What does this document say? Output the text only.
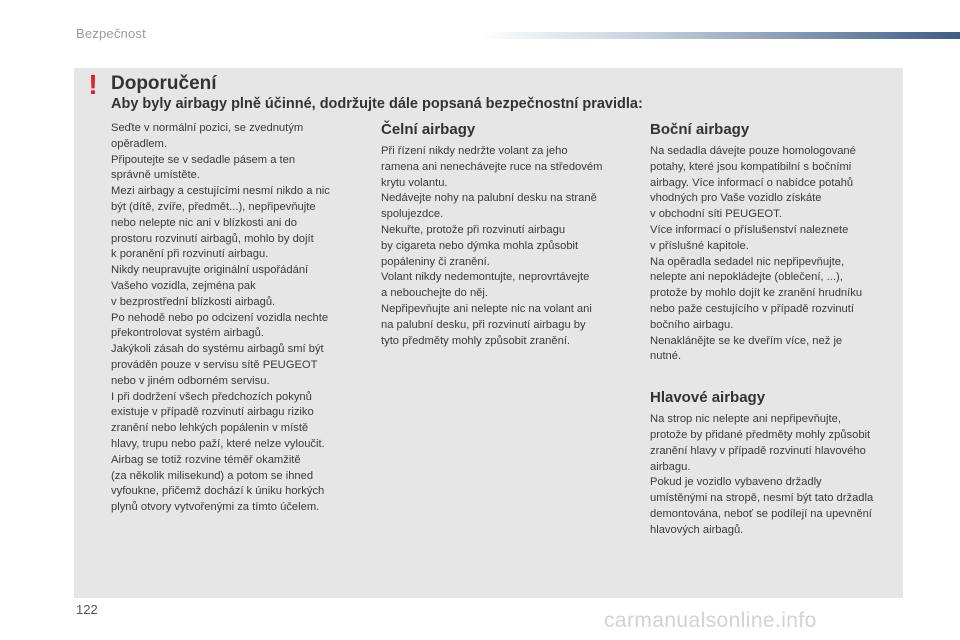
Bezpečnost
! Doporučení
Aby byly airbagy plně účinné, dodržujte dále popsaná bezpečnostní pravidla:

Seďte v normální pozici, se zvednutým
opěradlem.
Připoutejte se v sedadle pásem a ten
správně umístěte.
Mezi airbagy a cestujícími nesmí nikdo a nic
být (dítě, zvíře, předmět...), nepřipevňujte
nebo nelepte nic ani v blízkosti ani do
prostoru rozvinutí airbagů, mohlo by dojít
k poranění při rozvinutí airbagu.
Nikdy neupravujte originální uspořádání
Vašeho vozidla, zejména pak
v bezprostřední blízkosti airbagů.
Po nehodě nebo po odcizení vozidla nechte
překontrolovat systém airbagů.
Jakýkoli zásah do systému airbagů smí být
prováděn pouze v servisu sítě PEUGEOT
nebo v jiném odborném servisu.
I při dodržení všech předchozích pokynů
existuje v případě rozvinutí airbagu riziko
zranění nebo lehkých popálenin v místě
hlavy, trupu nebo paží, které nelze vyloučit.
Airbag se totiž rozvine téměř okamžitě
(za několik milisekund) a potom se ihned
vyfoukne, přičemž dochází k úniku horkých
plynů otvory vytvořenými za tímto účelem.

Čelní airbagy

Při řízení nikdy nedržte volant za jeho
ramena ani nenechávejte ruce na středovém
krytu volantu.
Nedávejte nohy na palubní desku na straně
spolujezdce.
Nekuřte, protože při rozvinutí airbagu
by cigareta nebo dýmka mohla způsobit
popáleniny či zranění.
Volant nikdy nedemontujte, neprovrtávejte
a nebouchejte do něj.
Nepřipevňujte ani nelepte nic na volant ani
na palubní desku, při rozvinutí airbagu by
tyto předměty mohly způsobit zranění.

Boční airbagy

Na sedadla dávejte pouze homologované
potahy, které jsou kompatibilní s bočními
airbagy. Více informací o nabídce potahů
vhodných pro Vaše vozidlo získáte
v obchodní síti PEUGEOT.
Více informací o příslušenství naleznete
v příslušné kapitole.
Na opěradla sedadel nic nepřipevňujte,
nelepte ani nepokládejte (oblečení, ...),
protože by mohlo dojít ke zranění hrudníku
nebo paže cestujícího v případě rozvinutí
bočního airbagu.
Nenaklánějte se ke dveřím více, než je
nutné.

Hlavové airbagy

Na strop nic nelepte ani nepřipevňujte,
protože by přidané předměty mohly způsobit
zranění hlavy v případě rozvinutí hlavového
airbagu.
Pokud je vozidlo vybaveno držadly
umístěnými na stropě, nesmí být tato držadla
demontována, neboť se podílejí na upevnění
hlavových airbagů.

122	carmanualsonline.info
